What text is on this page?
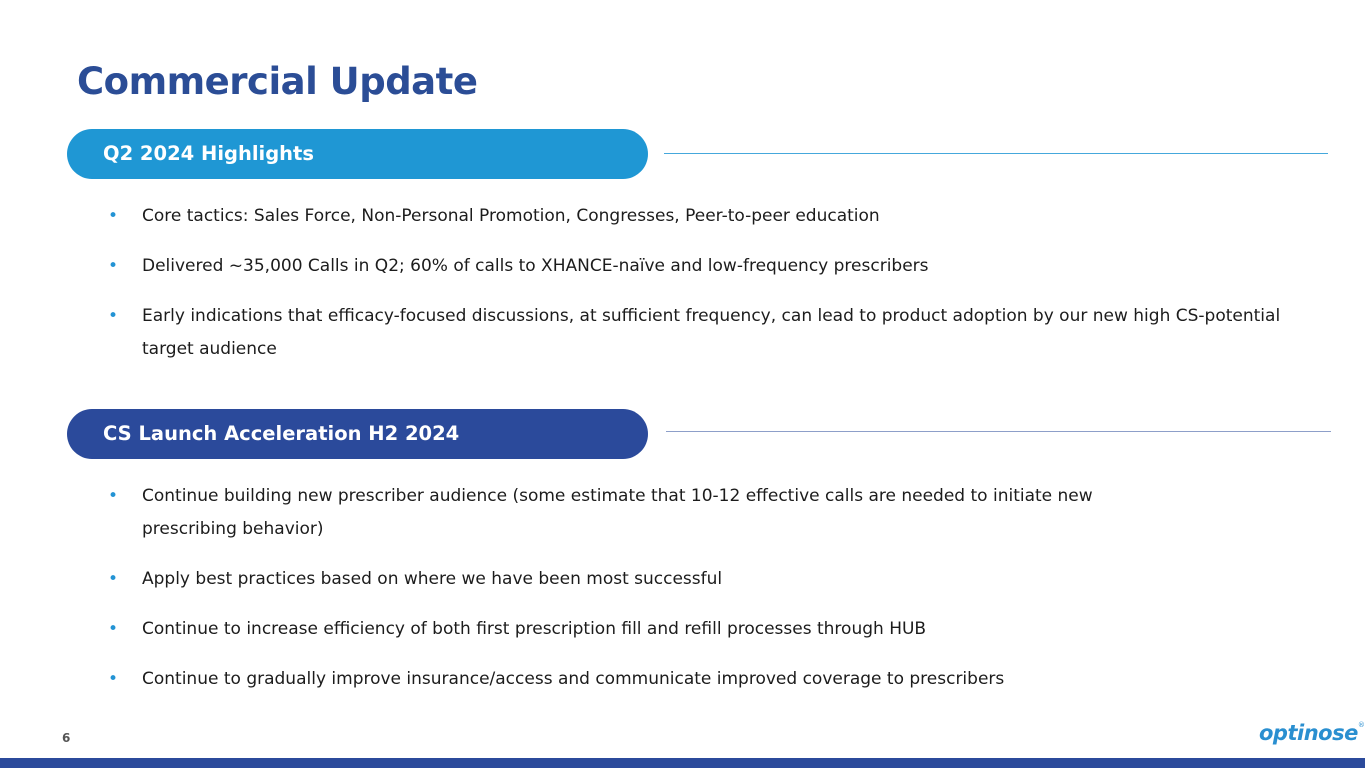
Commercial Update
Q2 2024 Highlights
• Core tactics: Sales Force, Non-Personal Promotion, Congresses, Peer-to-peer education
• Delivered ~35,000 Calls in Q2; 60% of calls to XHANCE-naïve and low-frequency prescribers
• Early indications that efficacy-focused discussions, at sufficient frequency, can lead to product adoption by our new high CS-potential target audience
CS Launch Acceleration H2 2024
• Continue building new prescriber audience (some estimate that 10-12 effective calls are needed to initiate new prescribing behavior)
• Apply best practices based on where we have been most successful
• Continue to increase efficiency of both first prescription fill and refill processes through HUB
• Continue to gradually improve insurance/access and communicate improved coverage to prescribers
6	optinose®
